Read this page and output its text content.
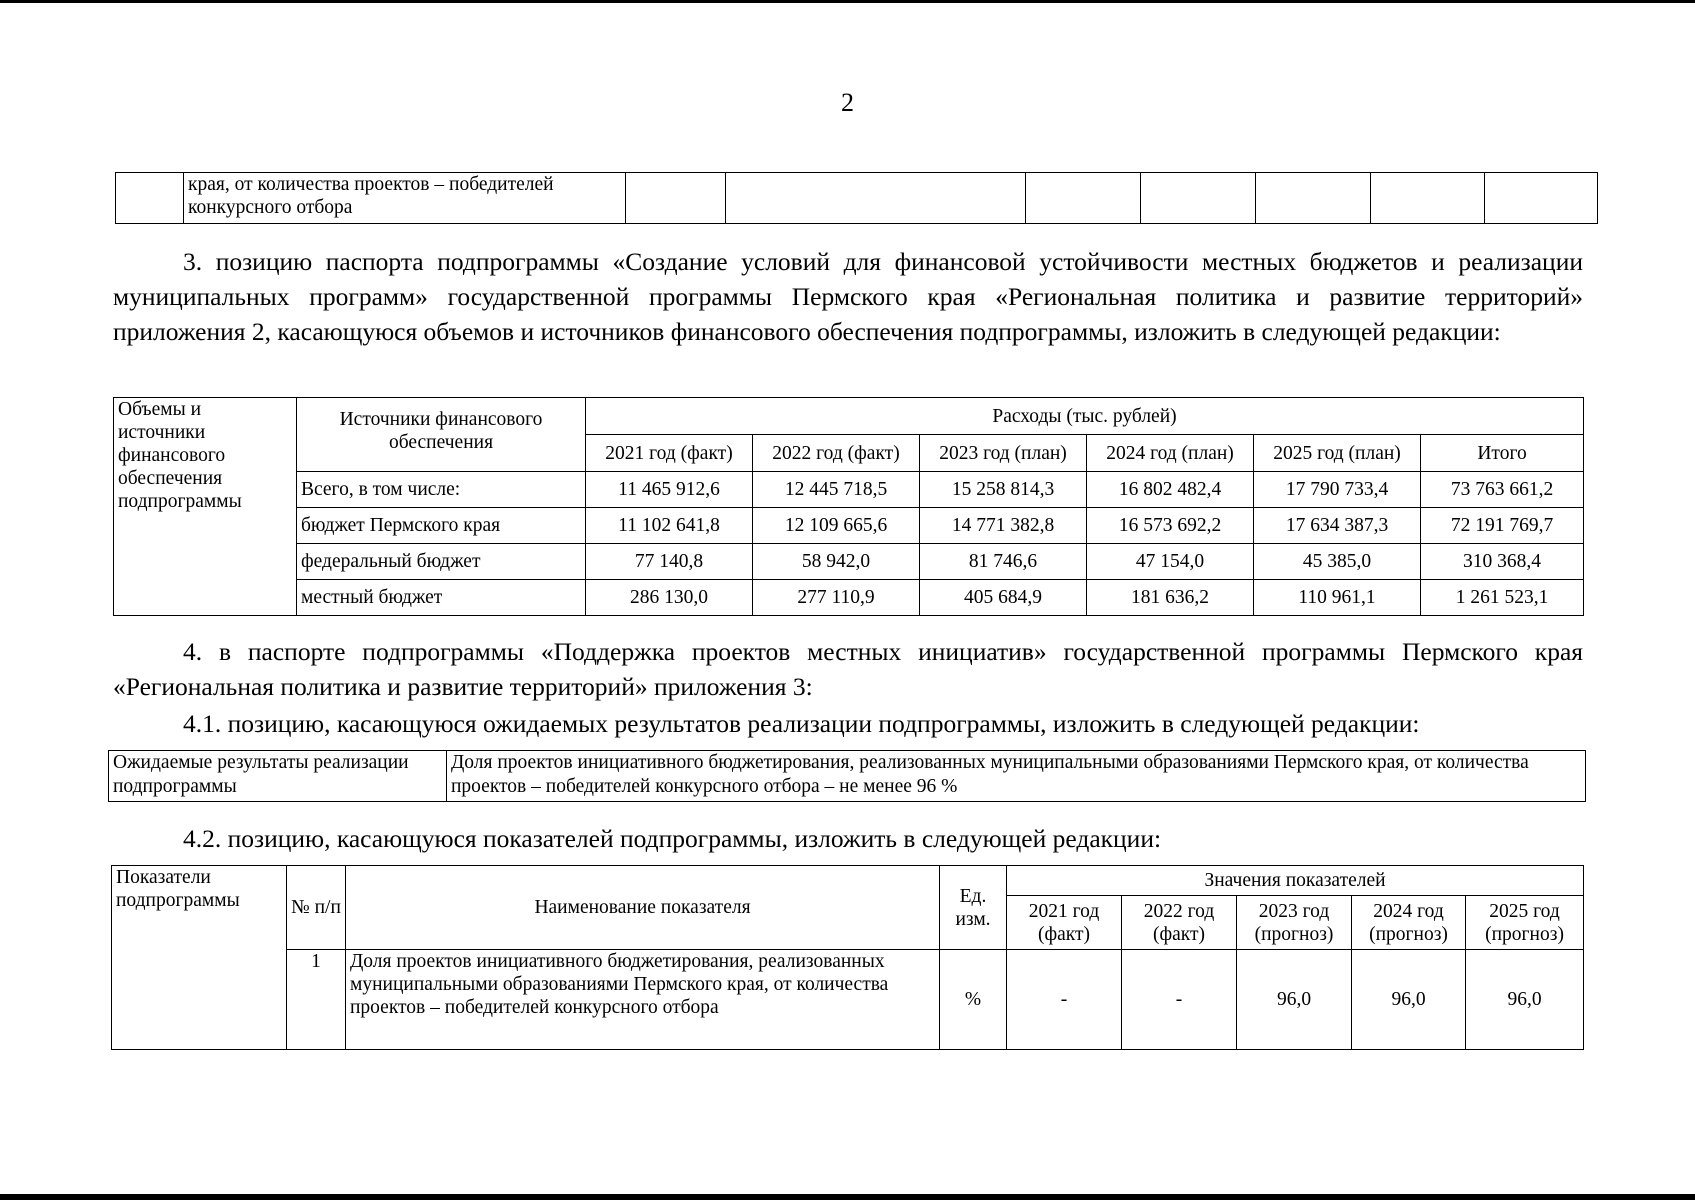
2
	края, от количества проектов – победителей конкурсного отбора							

3. позицию паспорта подпрограммы «Создание условий для финансовой устойчивости местных бюджетов и реализации муниципальных программ» государственной программы Пермского края «Региональная политика и развитие территорий» приложения 2, касающуюся объемов и источников финансового обеспечения подпрограммы, изложить в следующей редакции:

Объемы и источники финансового обеспечения подпрограммы	Источники финансового обеспечения	Расходы (тыс. рублей)					
		2021 год (факт)	2022 год (факт)	2023 год (план)	2024 год (план)	2025 год (план)	Итого
	Всего, в том числе:	11 465 912,6	12 445 718,5	15 258 814,3	16 802 482,4	17 790 733,4	73 763 661,2
	бюджет Пермского края	11 102 641,8	12 109 665,6	14 771 382,8	16 573 692,2	17 634 387,3	72 191 769,7
	федеральный бюджет	77 140,8	58 942,0	81 746,6	47 154,0	45 385,0	310 368,4
	местный бюджет	286 130,0	277 110,9	405 684,9	181 636,2	110 961,1	1 261 523,1

4. в паспорте подпрограммы «Поддержка проектов местных инициатив» государственной программы Пермского края «Региональная политика и развитие территорий» приложения 3:

4.1. позицию, касающуюся ожидаемых результатов реализации подпрограммы, изложить в следующей редакции:

Ожидаемые результаты реализации подпрограммы	Доля проектов инициативного бюджетирования, реализованных муниципальными образованиями Пермского края, от количества проектов – победителей конкурсного отбора – не менее 96 %

4.2. позицию, касающуюся показателей подпрограммы, изложить в следующей редакции:

Показатели подпрограммы	№ п/п	Наименование показателя	Ед. изм.	Значения показателей				
				2021 год (факт)	2022 год (факт)	2023 год (прогноз)	2024 год (прогноз)	2025 год (прогноз)
	1	Доля проектов инициативного бюджетирования, реализованных муниципальными образованиями Пермского края, от количества проектов – победителей конкурсного отбора	%	-	-	96,0	96,0	96,0
